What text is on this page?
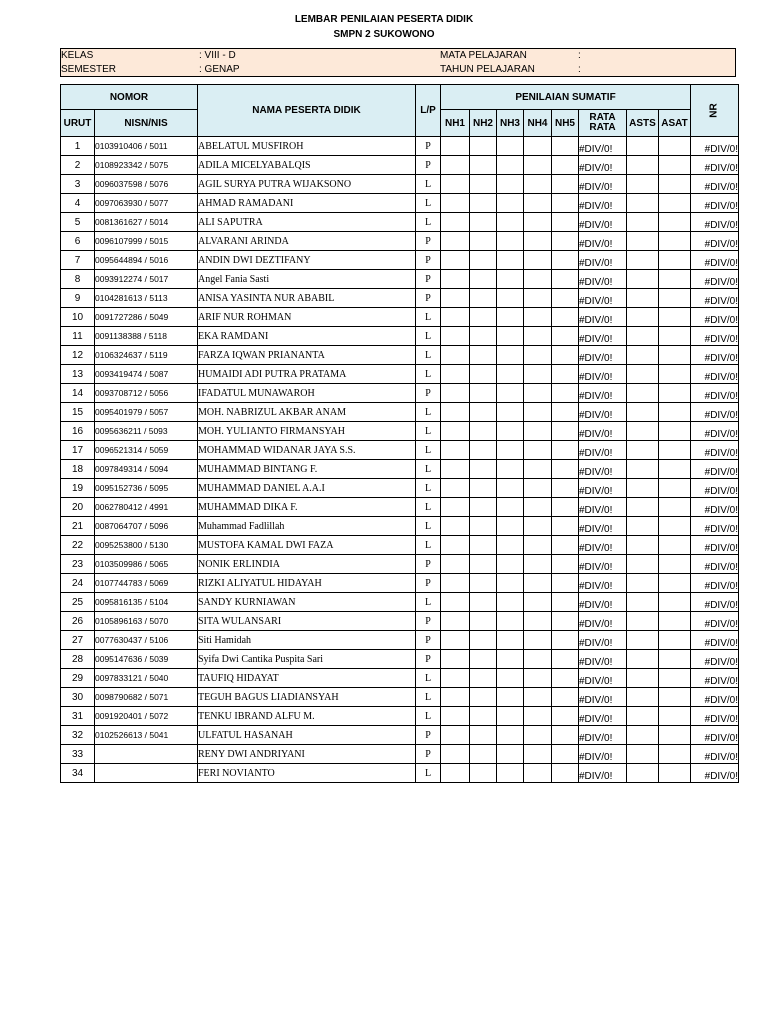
LEMBAR PENILAIAN PESERTA DIDIK
SMPN 2 SUKOWONO
KELAS	: VIII - D
SEMESTER	: GENAP
MATA PELAJARAN	:
TAHUN PELAJARAN	:
NOMOR		NAMA PESERTA DIDIK	L/P	PENILAIAN SUMATIF								NR
URUT	NISN/NIS			NH1	NH2	NH3	NH4	NH5	RATA
RATA	ASTS	ASAT	
1	0103910406 / 5011	ABELATUL MUSFIROH	P						#DIV/0!			#DIV/0!
2	0108923342 / 5075	ADILA MICELYABALQIS	P						#DIV/0!			#DIV/0!
3	0096037598 / 5076	AGIL SURYA PUTRA WIJAKSONO	L						#DIV/0!			#DIV/0!
4	0097063930 / 5077	AHMAD RAMADANI	L						#DIV/0!			#DIV/0!
5	0081361627 / 5014	ALI SAPUTRA	L						#DIV/0!			#DIV/0!
6	0096107999 / 5015	ALVARANI ARINDA	P						#DIV/0!			#DIV/0!
7	0095644894 / 5016	ANDIN DWI DEZTIFANY	P						#DIV/0!			#DIV/0!
8	0093912274 / 5017	Angel Fania Sasti	P						#DIV/0!			#DIV/0!
9	0104281613 / 5113	ANISA YASINTA NUR ABABIL	P						#DIV/0!			#DIV/0!
10	0091727286 / 5049	ARIF NUR ROHMAN	L						#DIV/0!			#DIV/0!
11	0091138388 / 5118	EKA RAMDANI	L						#DIV/0!			#DIV/0!
12	0106324637 / 5119	FARZA IQWAN PRIANANTA	L						#DIV/0!			#DIV/0!
13	0093419474 / 5087	HUMAIDI ADI PUTRA PRATAMA	L						#DIV/0!			#DIV/0!
14	0093708712 / 5056	IFADATUL MUNAWAROH	P						#DIV/0!			#DIV/0!
15	0095401979 / 5057	MOH. NABRIZUL AKBAR ANAM	L						#DIV/0!			#DIV/0!
16	0095636211 / 5093	MOH. YULIANTO FIRMANSYAH	L						#DIV/0!			#DIV/0!
17	0096521314 / 5059	MOHAMMAD WIDANAR JAYA S.S.	L						#DIV/0!			#DIV/0!
18	0097849314 / 5094	MUHAMMAD BINTANG F.	L						#DIV/0!			#DIV/0!
19	0095152736 / 5095	MUHAMMAD DANIEL A.A.I	L						#DIV/0!			#DIV/0!
20	0062780412 / 4991	MUHAMMAD DIKA F.	L						#DIV/0!			#DIV/0!
21	0087064707 / 5096	Muhammad Fadlillah	L						#DIV/0!			#DIV/0!
22	0095253800 / 5130	MUSTOFA KAMAL DWI FAZA	L						#DIV/0!			#DIV/0!
23	0103509986 / 5065	NONIK ERLINDIA	P						#DIV/0!			#DIV/0!
24	0107744783 / 5069	RIZKI ALIYATUL HIDAYAH	P						#DIV/0!			#DIV/0!
25	0095816135 / 5104	SANDY KURNIAWAN	L						#DIV/0!			#DIV/0!
26	0105896163 / 5070	SITA WULANSARI	P						#DIV/0!			#DIV/0!
27	0077630437 / 5106	Siti Hamidah	P						#DIV/0!			#DIV/0!
28	0095147636 / 5039	Syifa Dwi Cantika Puspita Sari	P						#DIV/0!			#DIV/0!
29	0097833121 / 5040	TAUFIQ HIDAYAT	L						#DIV/0!			#DIV/0!
30	0098790682 / 5071	TEGUH BAGUS LIADIANSYAH	L						#DIV/0!			#DIV/0!
31	0091920401 / 5072	TENKU IBRAND ALFU M.	L						#DIV/0!			#DIV/0!
32	0102526613 / 5041	ULFATUL HASANAH	P						#DIV/0!			#DIV/0!
33		RENY DWI ANDRIYANI	P						#DIV/0!			#DIV/0!
34		FERI NOVIANTO	L						#DIV/0!			#DIV/0!
